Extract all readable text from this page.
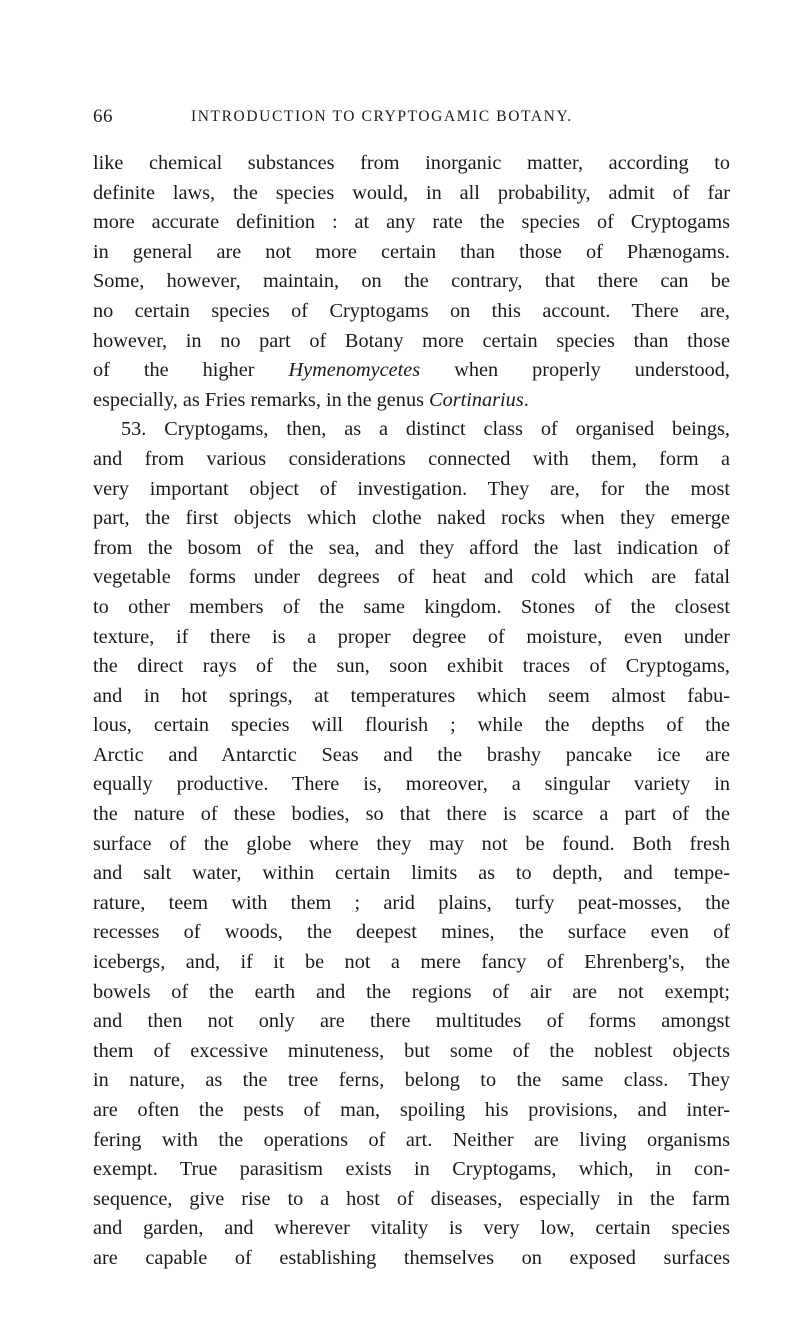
66	INTRODUCTION TO CRYPTOGAMIC BOTANY.

like chemical substances from inorganic matter, according to

definite laws, the species would, in all probability, admit of far

more accurate definition : at any rate the species of Cryptogams

in general are not more certain than those of Phænogams.

Some, however, maintain, on the contrary, that there can be

no certain species of Cryptogams on this account. There are,

however, in no part of Botany more certain species than those

of the higher Hymenomycetes when properly understood,

especially, as Fries remarks, in the genus Cortinarius.

53. Cryptogams, then, as a distinct class of organised beings,

and from various considerations connected with them, form a

very important object of investigation. They are, for the most

part, the first objects which clothe naked rocks when they emerge

from the bosom of the sea, and they afford the last indication of

vegetable forms under degrees of heat and cold which are fatal

to other members of the same kingdom. Stones of the closest

texture, if there is a proper degree of moisture, even under

the direct rays of the sun, soon exhibit traces of Cryptogams,

and in hot springs, at temperatures which seem almost fabu-

lous, certain species will flourish ; while the depths of the

Arctic and Antarctic Seas and the brashy pancake ice are

equally productive. There is, moreover, a singular variety in

the nature of these bodies, so that there is scarce a part of the

surface of the globe where they may not be found. Both fresh

and salt water, within certain limits as to depth, and tempe-

rature, teem with them ; arid plains, turfy peat-mosses, the

recesses of woods, the deepest mines, the surface even of

icebergs, and, if it be not a mere fancy of Ehrenberg's, the

bowels of the earth and the regions of air are not exempt;

and then not only are there multitudes of forms amongst

them of excessive minuteness, but some of the noblest objects

in nature, as the tree ferns, belong to the same class. They

are often the pests of man, spoiling his provisions, and inter-

fering with the operations of art. Neither are living organisms

exempt. True parasitism exists in Cryptogams, which, in con-

sequence, give rise to a host of diseases, especially in the farm

and garden, and wherever vitality is very low, certain species

are capable of establishing themselves on exposed surfaces
